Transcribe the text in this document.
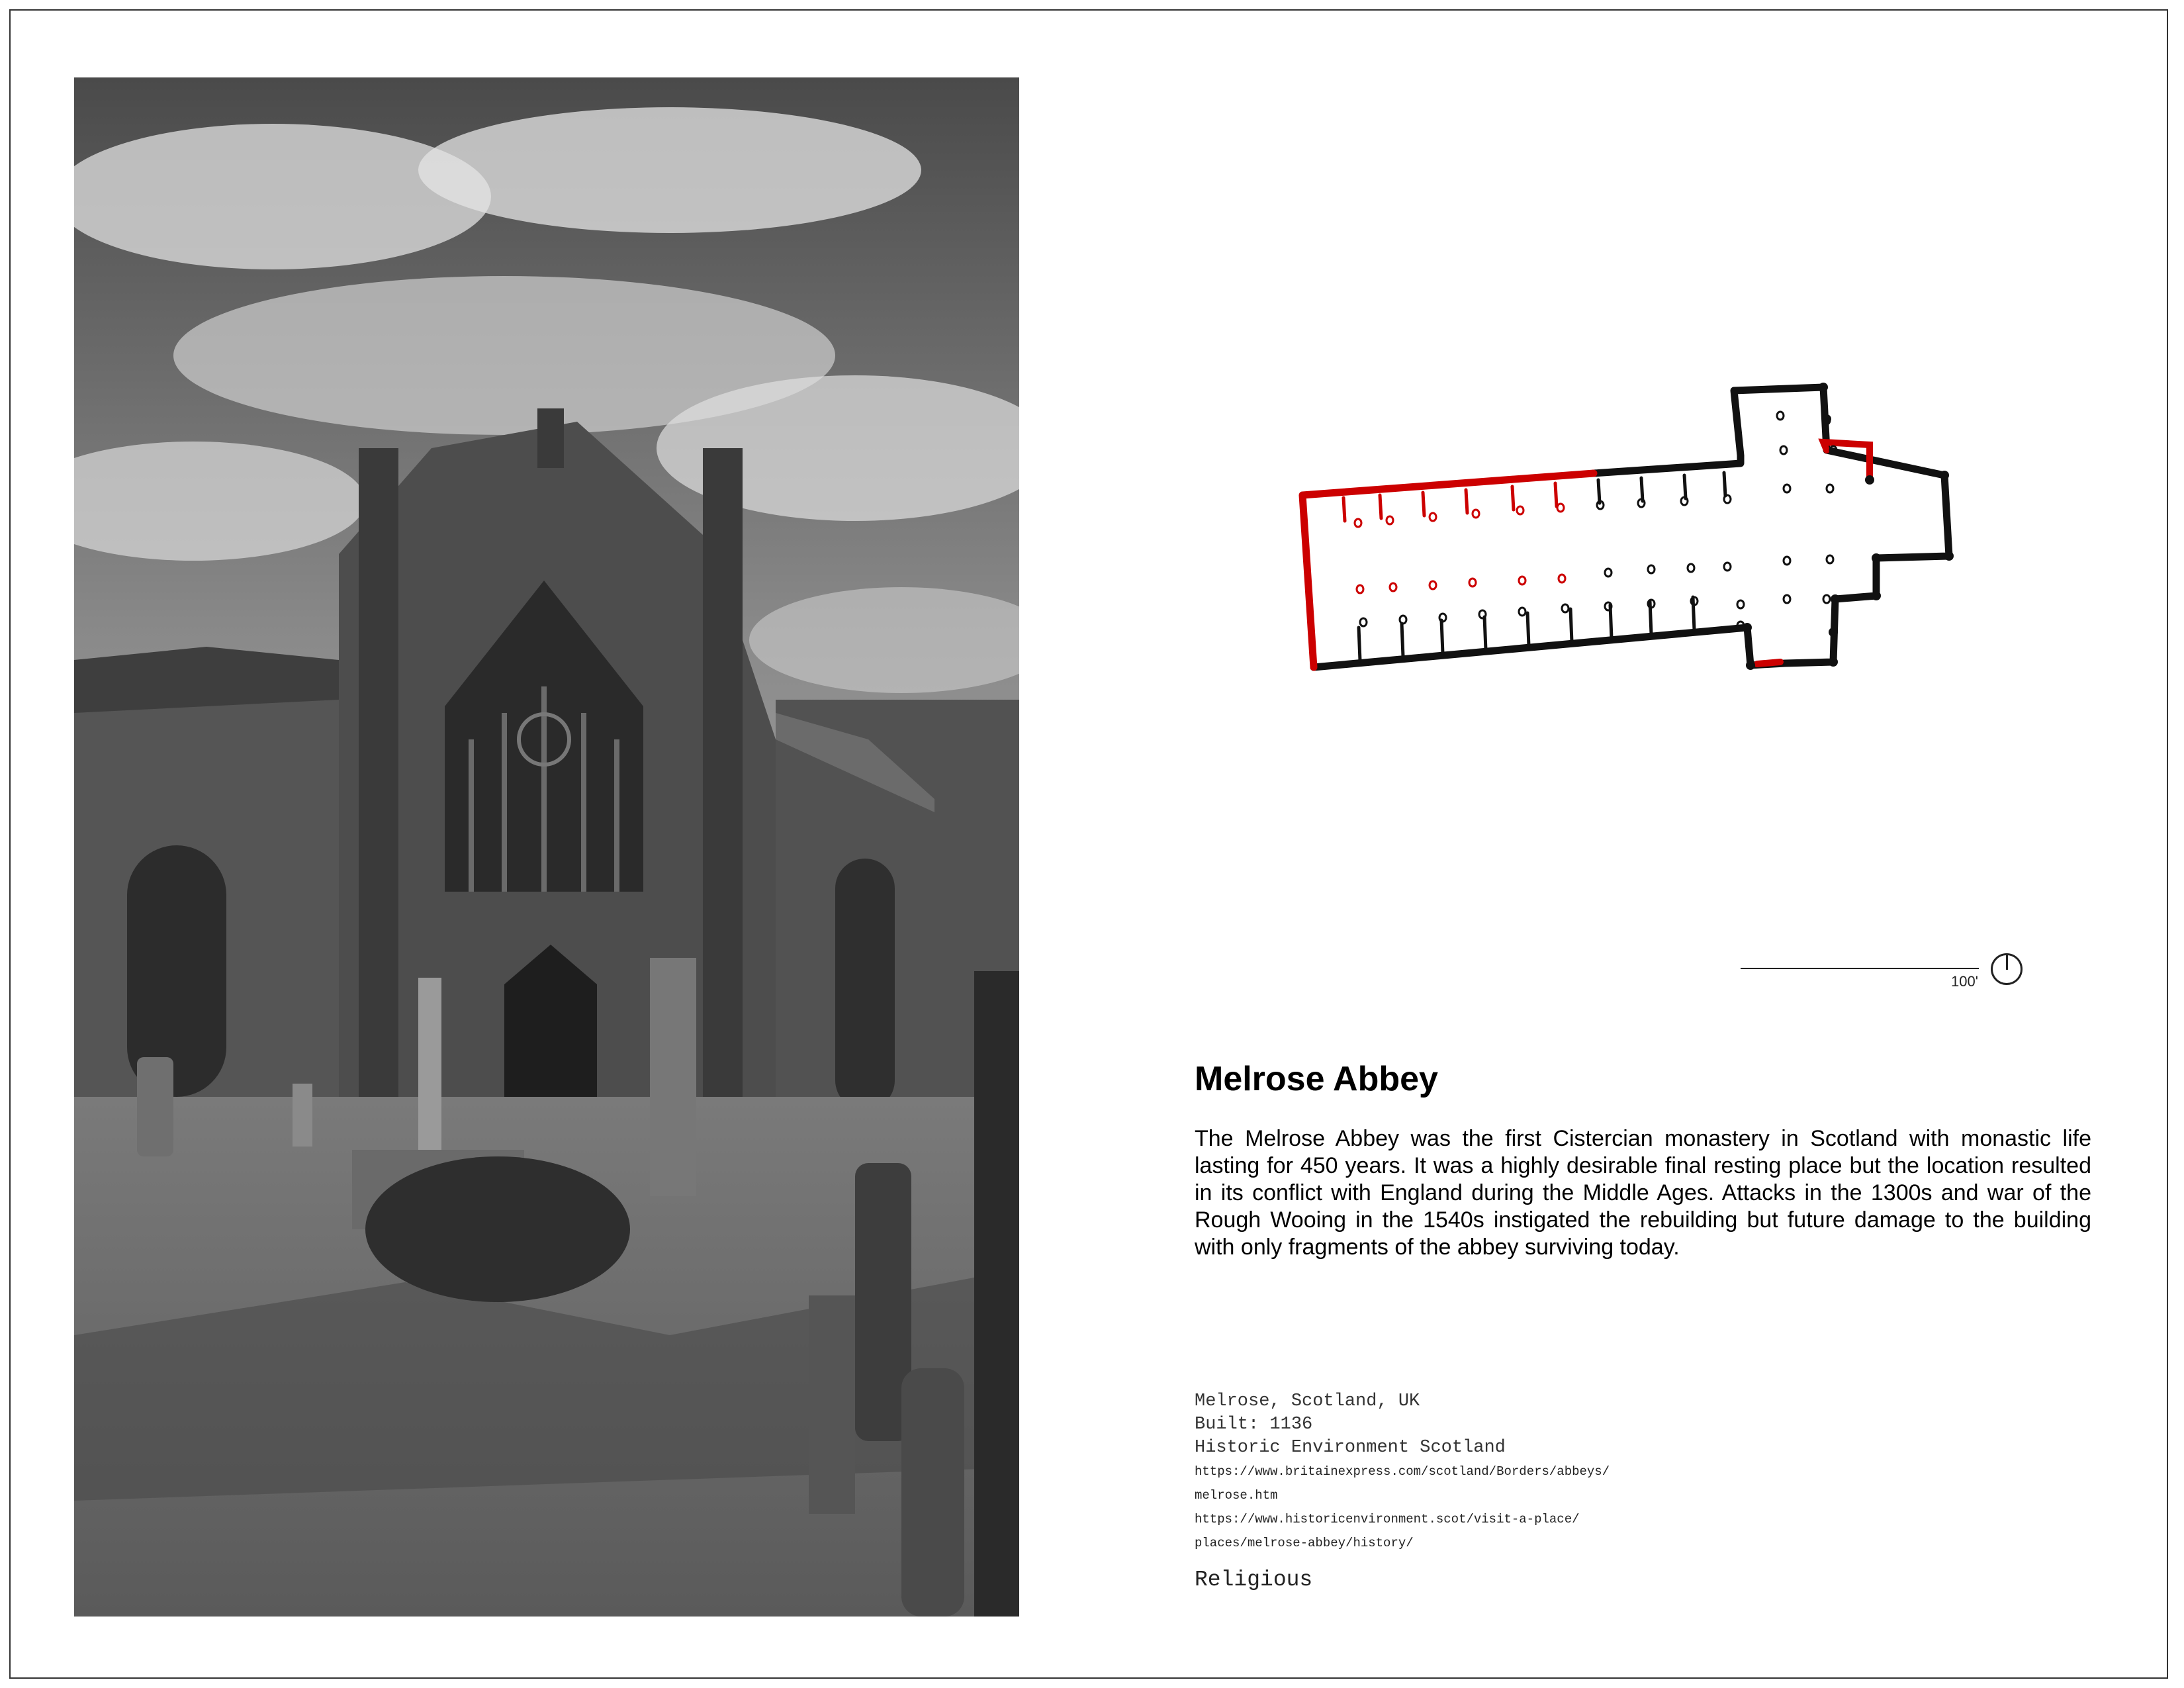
100'
Melrose Abbey

The Melrose Abbey was the first Cistercian monastery in Scotland with monastic life lasting for 450 years. It was a highly desirable final resting place but the location resulted in its conflict with England during the Middle Ages. Attacks in the 1300s and war of the Rough Wooing in the 1540s instigated the rebuilding but future damage to the building with only fragments of the abbey surviving today.

Melrose, Scotland, UK
Built: 1136
Historic Environment Scotland
https://www.britainexpress.com/scotland/Borders/abbeys/
melrose.htm
https://www.historicenvironment.scot/visit-a-place/
places/melrose-abbey/history/
Religious
